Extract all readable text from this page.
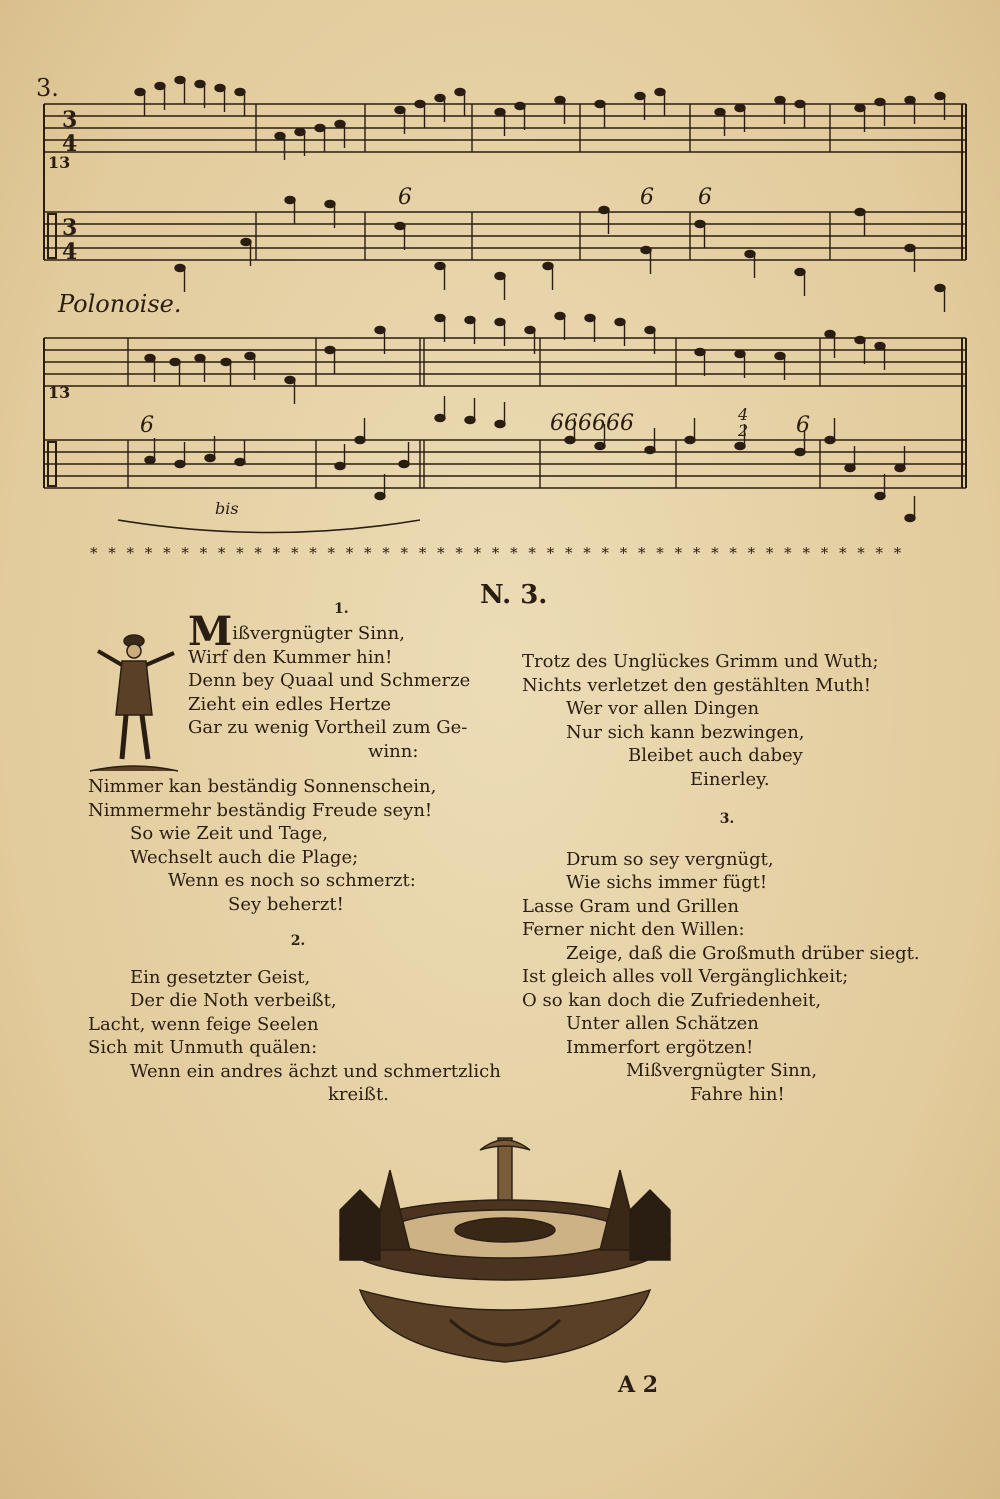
3
4
3
4
13
13
6	6 6
6	666666	4
2 6
bis
Polonoise.
3.
* * * * * * * * * * * * * * * * * * * * * * * * * * * * * * * * * * * * * * * * * * * * *
N. 3.
1.
Mißvergnügter Sinn,
Wirf den Kummer hin!
Denn bey Quaal und Schmerze
Zieht ein edles Hertze
Gar zu wenig Vortheil zum Ge-
winn:
Nimmer kan beständig Sonnenschein,
Nimmermehr beständig Freude seyn!
So wie Zeit und Tage,
Wechselt auch die Plage;
Wenn es noch so schmerzt:
Sey beherzt!
2.
Ein gesetzter Geist,
Der die Noth verbeißt,
Lacht, wenn feige Seelen
Sich mit Unmuth quälen:
Wenn ein andres ächzt und schmertzlich
kreißt.
Trotz des Unglückes Grimm und Wuth;
Nichts verletzet den gestählten Muth!
Wer vor allen Dingen
Nur sich kann bezwingen,
Bleibet auch dabey
Einerley.
3.
Drum so sey vergnügt,
Wie sichs immer fügt!
Lasse Gram und Grillen
Ferner nicht den Willen:
Zeige, daß die Großmuth drüber siegt.
Ist gleich alles voll Vergänglichkeit;
O so kan doch die Zufriedenheit,
Unter allen Schätzen
Immerfort ergötzen!
Mißvergnügter Sinn,
Fahre hin!
A 2
